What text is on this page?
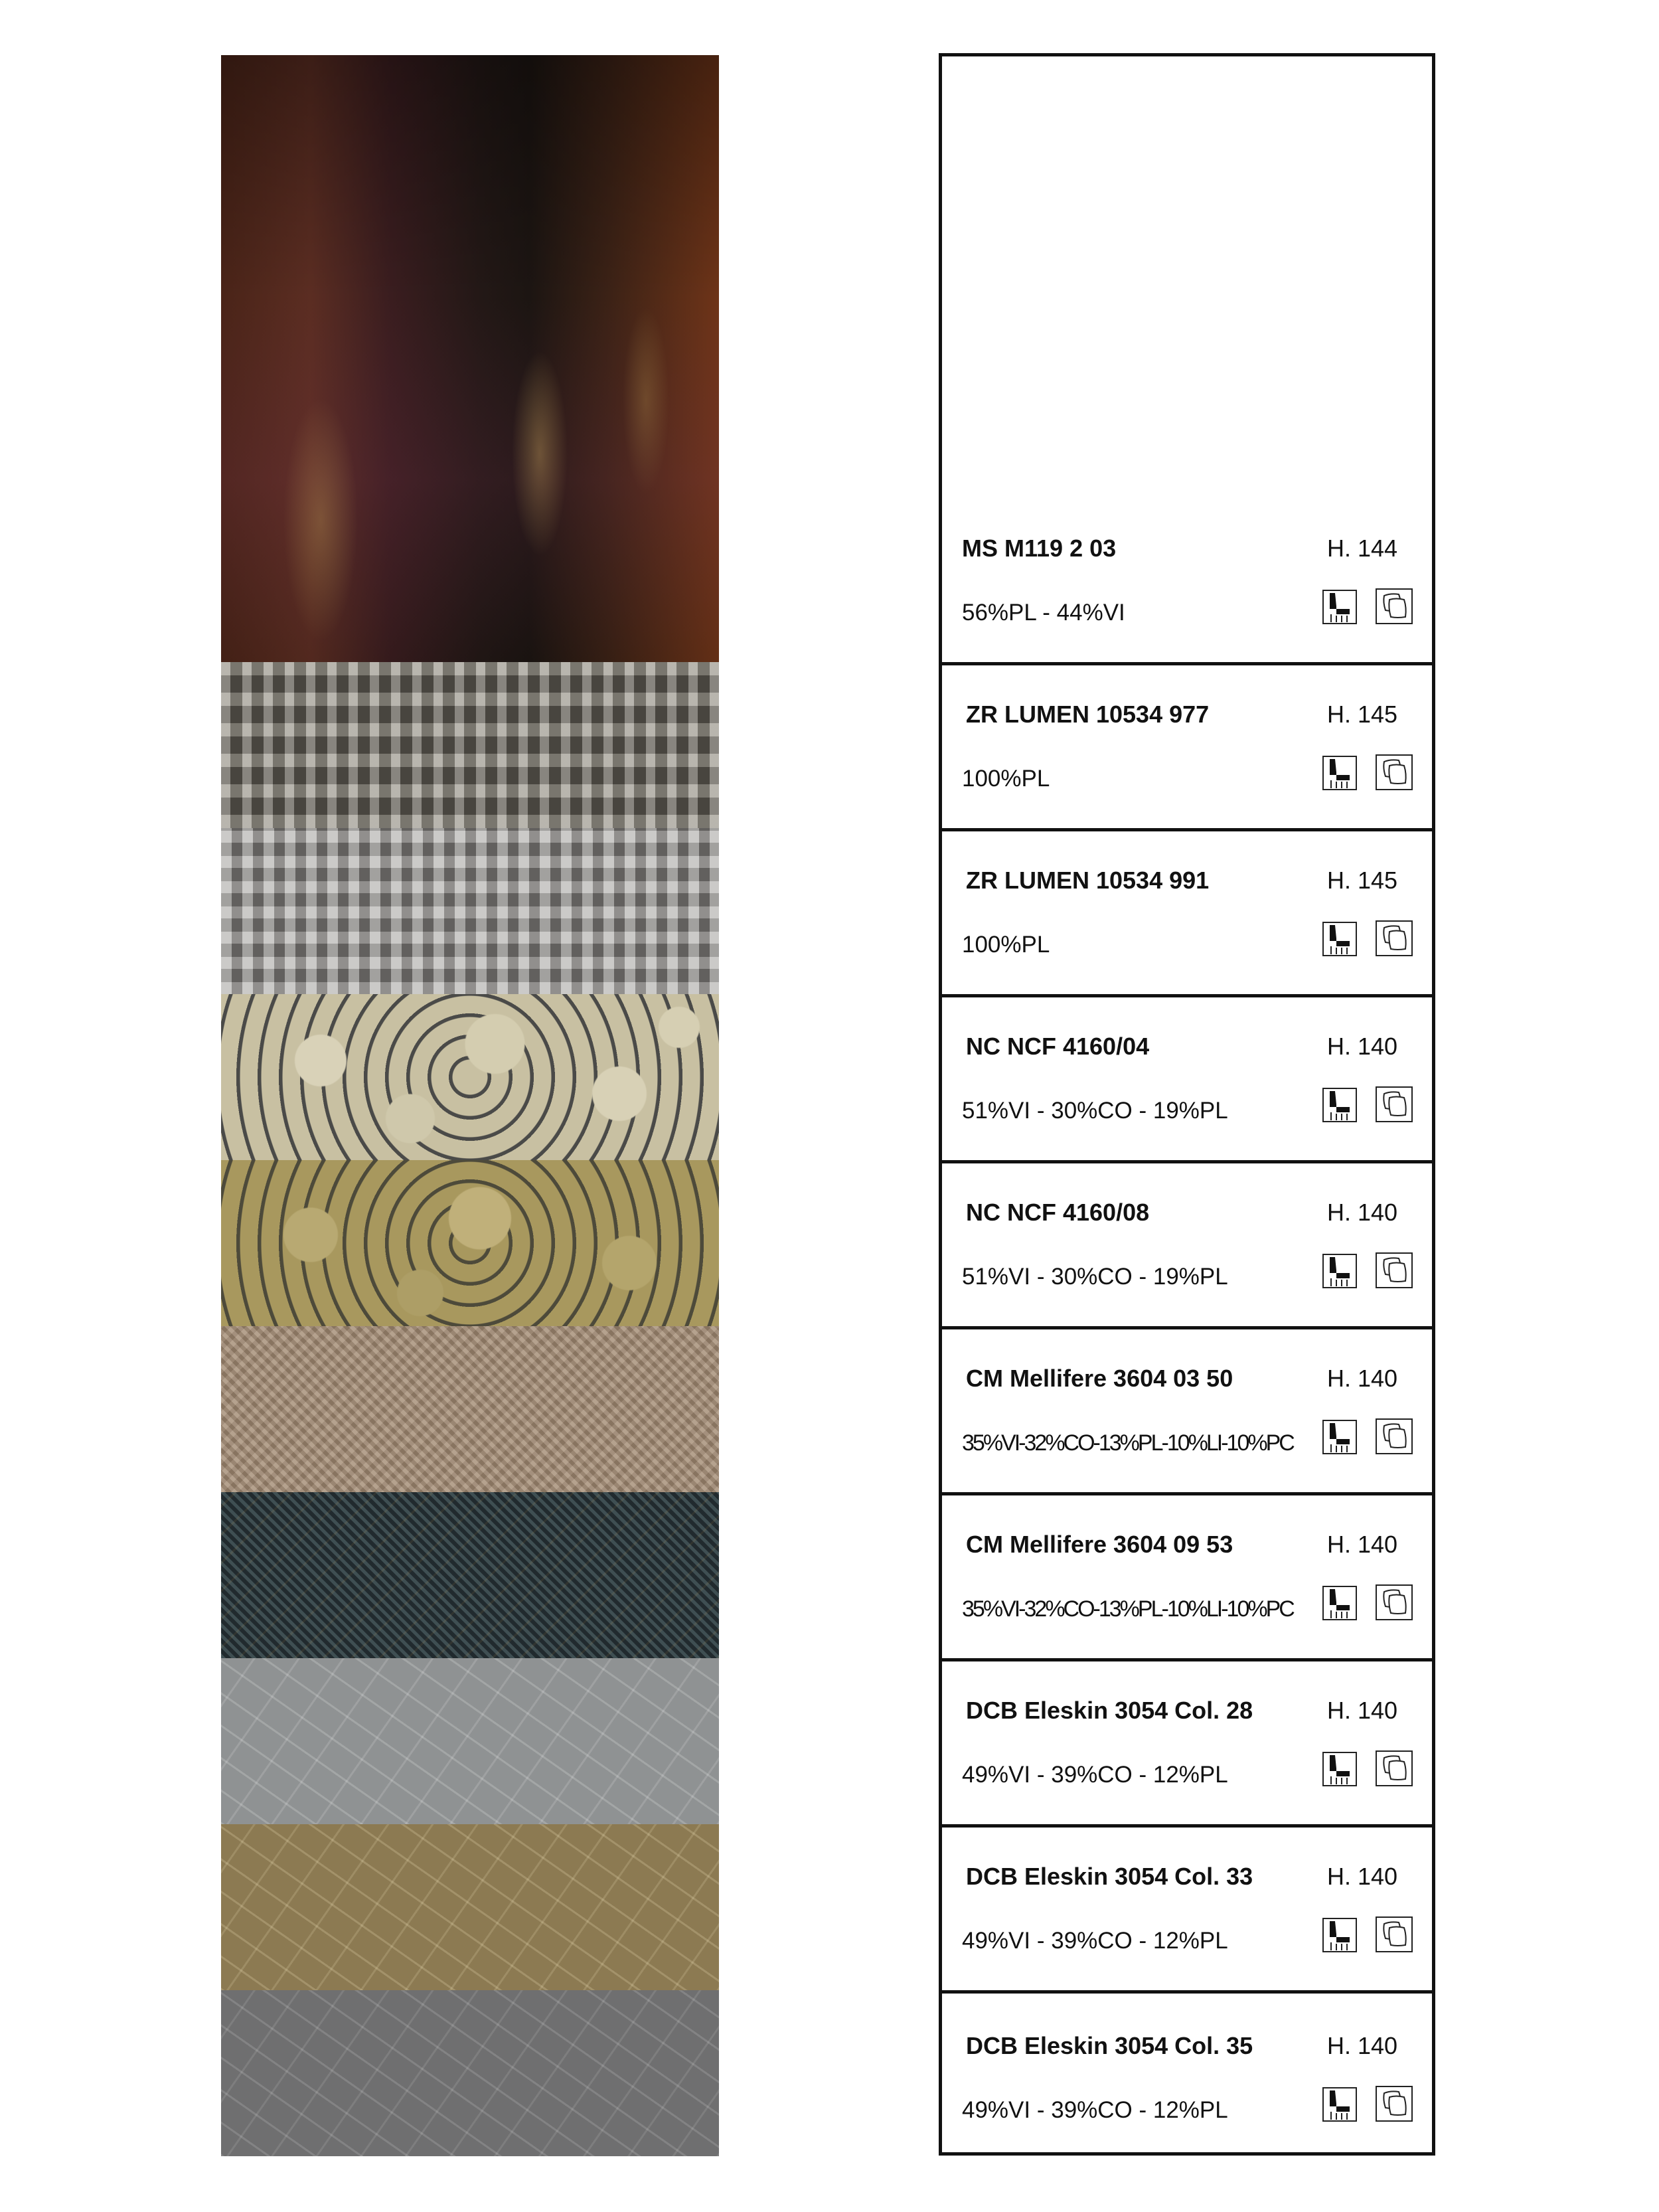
MS M119 2 03	H. 144
56%PL - 44%VI
ZR LUMEN 10534 977	H. 145
100%PL
ZR LUMEN 10534 991	H. 145
100%PL
NC NCF 4160/04	H. 140
51%VI - 30%CO - 19%PL
NC NCF 4160/08	H. 140
51%VI - 30%CO - 19%PL
CM Mellifere 3604 03 50	H. 140
35%VI-32%CO-13%PL-10%LI-10%PC
CM Mellifere 3604 09 53	H. 140
35%VI-32%CO-13%PL-10%LI-10%PC
DCB Eleskin 3054 Col. 28	H. 140
49%VI - 39%CO - 12%PL
DCB Eleskin 3054 Col. 33	H. 140
49%VI - 39%CO - 12%PL
DCB Eleskin 3054 Col. 35	H. 140
49%VI - 39%CO - 12%PL
